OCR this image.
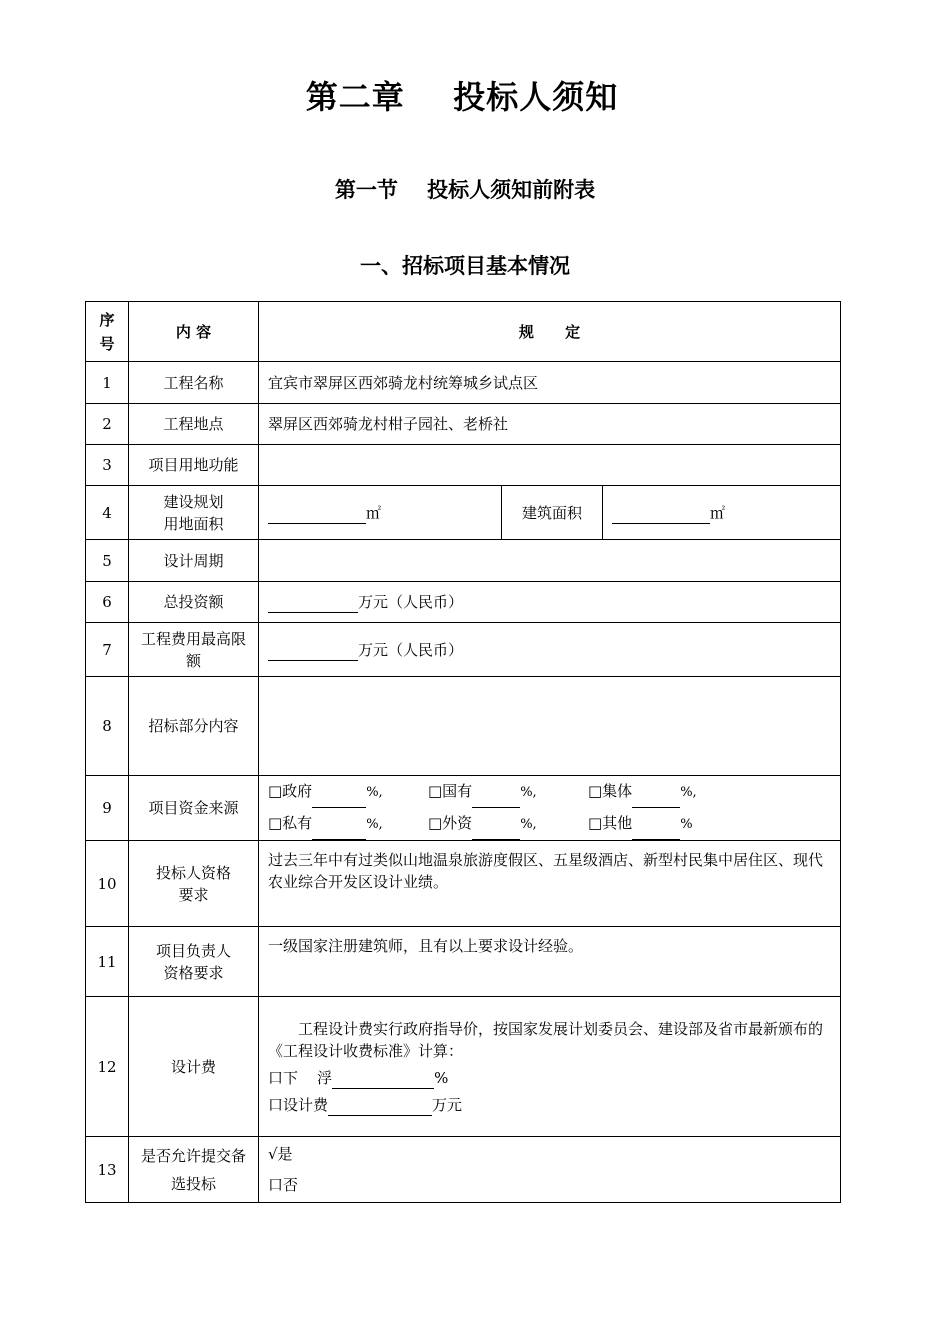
第二章    投标人须知
第一节    投标人须知前附表
一、招标项目基本情况
序号	内 容	规      定		
1	工程名称	宜宾市翠屏区西郊骑龙村统筹城乡试点区		
2	工程地点	翠屏区西郊骑龙村柑子园社、老桥社		
3	项目用地功能			
4	建设规划用地面积	㎡	建筑面积	㎡
5	设计周期			
6	总投资额	万元（人民币）		
7	工程费用最高限额	万元（人民币）		
8	招标部分内容			
9	项目资金来源	□政府 %, □国有 %, □集体 %,
□私有 %, □外资 %, □其他 %		

10	投标人资格要求	过去三年中有过类似山地温泉旅游度假区、五星级酒店、新型村民集中居住区、现代农业综合开发区设计业绩。		
11	项目负责人资格要求	一级国家注册建筑师，且有以上要求设计经验。		
12	设计费	工程设计费实行政府指导价，按国家发展计划委员会、建设部及省市最新颁布的《工程设计收费标准》计算：
口下    浮 %
口设计费 万元		

13	是否允许提交备选投标	√是
口否		
